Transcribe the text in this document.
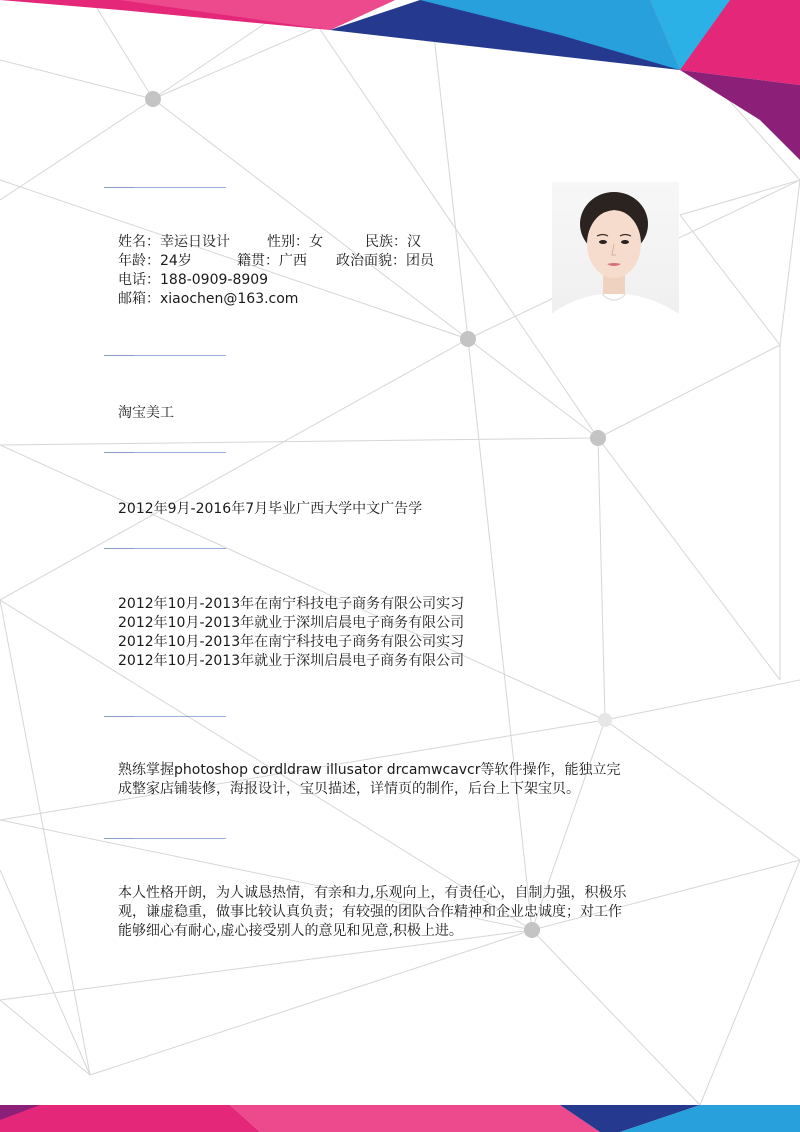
姓名： 幸运日设计	性别： 女	民族： 汉
年龄： 24岁	籍贯： 广西 政治面貌： 团员
电话： 188-0909-8909
邮箱： xiaochen@163.com
淘宝美工
2012年9月-2016年7月毕业广西大学中文广告学
2012年10月-2013年在南宁科技电子商务有限公司实习
2012年10月-2013年就业于深圳启晨电子商务有限公司
2012年10月-2013年在南宁科技电子商务有限公司实习
2012年10月-2013年就业于深圳启晨电子商务有限公司
熟练掌握photoshop cordldraw illusator drcamwcavcr等软件操作，能独立完
成整家店铺装修，海报设计，宝贝描述，详情页的制作，后台上下架宝贝。
本人性格开朗，为人诚恳热情，有亲和力,乐观向上，有责任心，自制力强，积极乐
观，谦虚稳重，做事比较认真负责；有较强的团队合作精神和企业忠诚度；对工作
能够细心有耐心,虚心接受别人的意见和见意,积极上进。
